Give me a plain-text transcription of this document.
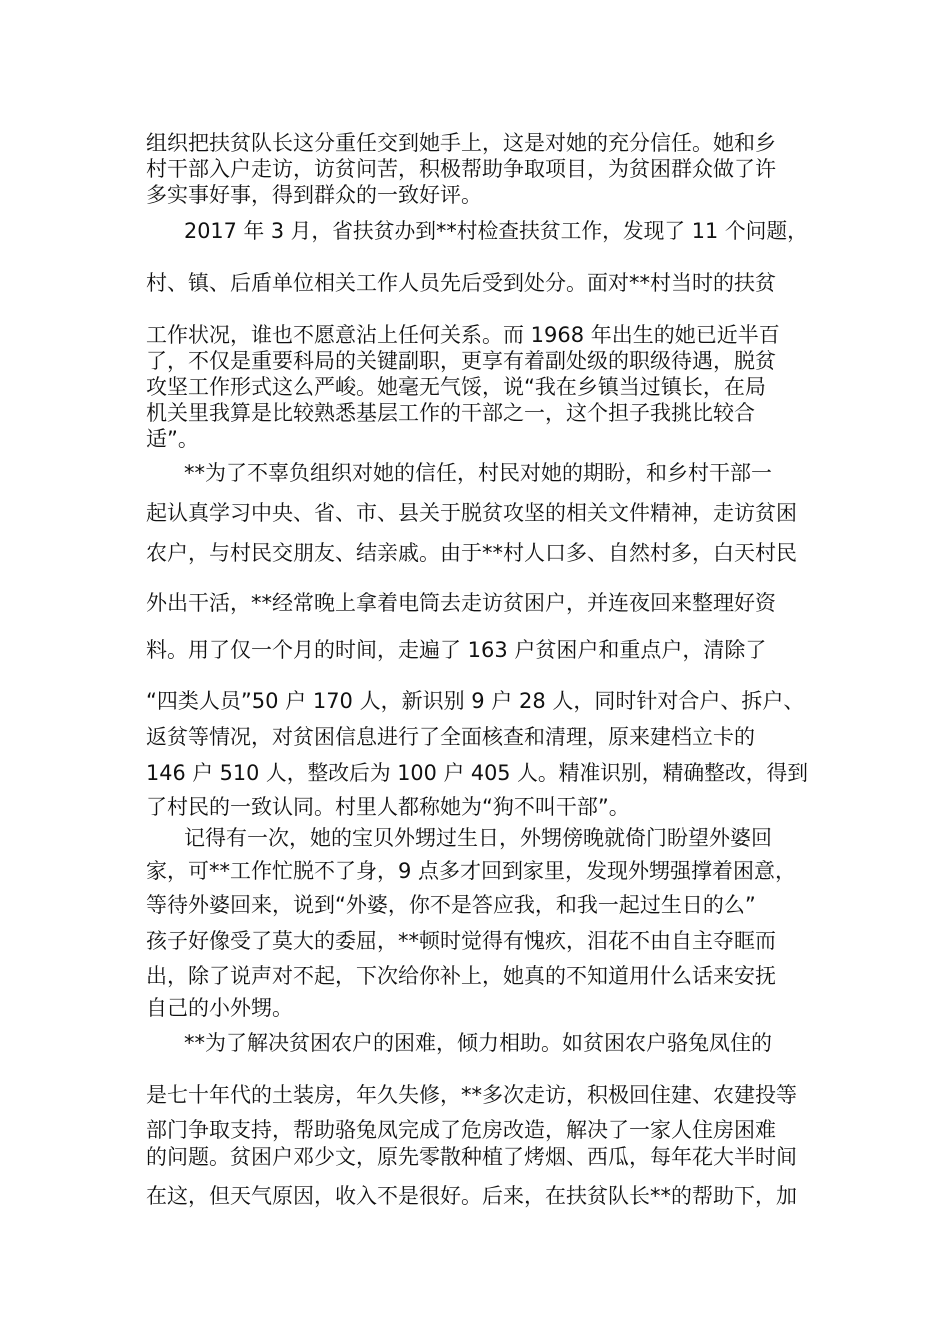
组织把扶贫队长这分重任交到她手上，这是对她的充分信任。她和乡

村干部入户走访，访贫问苦，积极帮助争取项目，为贫困群众做了许

多实事好事，得到群众的一致好评。

2017 年 3 月，省扶贫办到**村检查扶贫工作，发现了 11 个问题，

村、镇、后盾单位相关工作人员先后受到处分。面对**村当时的扶贫

工作状况，谁也不愿意沾上任何关系。而 1968 年出生的她已近半百

了，不仅是重要科局的关键副职，更享有着副处级的职级待遇，脱贫

攻坚工作形式这么严峻。她毫无气馁，说“我在乡镇当过镇长，在局

机关里我算是比较熟悉基层工作的干部之一，这个担子我挑比较合

适”。

**为了不辜负组织对她的信任，村民对她的期盼，和乡村干部一

起认真学习中央、省、市、县关于脱贫攻坚的相关文件精神，走访贫困

农户，与村民交朋友、结亲戚。由于**村人口多、自然村多，白天村民

外出干活，**经常晚上拿着电筒去走访贫困户，并连夜回来整理好资

料。用了仅一个月的时间，走遍了 163 户贫困户和重点户，清除了

“四类人员”50 户 170 人，新识别 9 户 28 人，同时针对合户、拆户、

返贫等情况，对贫困信息进行了全面核查和清理，原来建档立卡的

146 户 510 人，整改后为 100 户 405 人。精准识别，精确整改，得到

了村民的一致认同。村里人都称她为“狗不叫干部”。

记得有一次，她的宝贝外甥过生日，外甥傍晚就倚门盼望外婆回

家，可**工作忙脱不了身，9 点多才回到家里，发现外甥强撑着困意，

等待外婆回来，说到“外婆，你不是答应我，和我一起过生日的么”

孩子好像受了莫大的委屈，**顿时觉得有愧疚，泪花不由自主夺眶而

出，除了说声对不起，下次给你补上，她真的不知道用什么话来安抚

自己的小外甥。

**为了解决贫困农户的困难，倾力相助。如贫困农户骆兔凤住的

是七十年代的土装房，年久失修，**多次走访，积极回住建、农建投等

部门争取支持，帮助骆兔凤完成了危房改造，解决了一家人住房困难

的问题。贫困户邓少文，原先零散种植了烤烟、西瓜，每年花大半时间

在这，但天气原因，收入不是很好。后来，在扶贫队长**的帮助下，加
